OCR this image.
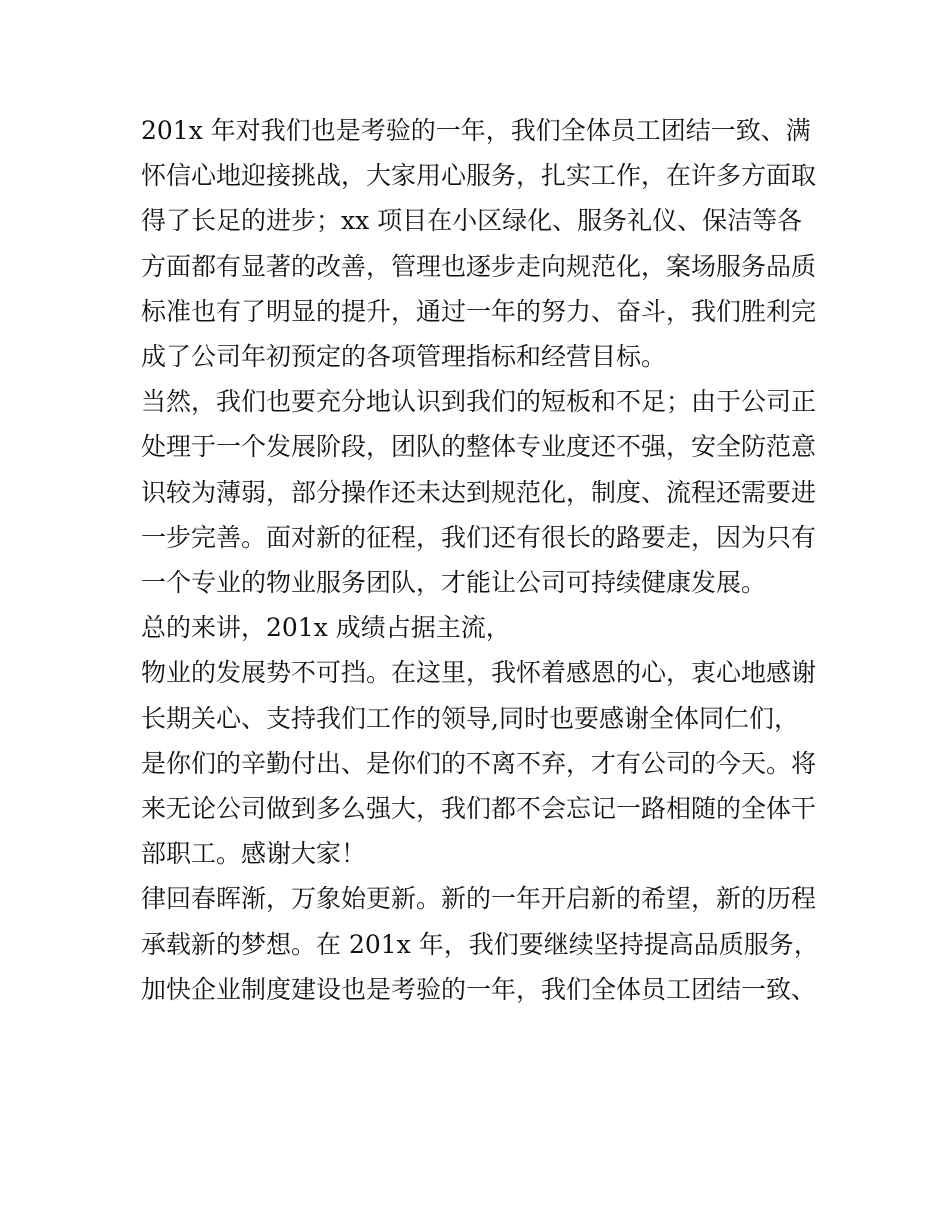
201x 年对我们也是考验的一年，我们全体员工团结一致、满

怀信心地迎接挑战，大家用心服务，扎实工作，在许多方面取

得了长足的进步；xx 项目在小区绿化、服务礼仪、保洁等各

方面都有显著的改善，管理也逐步走向规范化，案场服务品质

标准也有了明显的提升，通过一年的努力、奋斗，我们胜利完

成了公司年初预定的各项管理指标和经营目标。

当然，我们也要充分地认识到我们的短板和不足；由于公司正

处理于一个发展阶段，团队的整体专业度还不强，安全防范意

识较为薄弱，部分操作还未达到规范化，制度、流程还需要进

一步完善。面对新的征程，我们还有很长的路要走，因为只有

一个专业的物业服务团队，才能让公司可持续健康发展。

总的来讲，201x 成绩占据主流，

物业的发展势不可挡。在这里，我怀着感恩的心，衷心地感谢

长期关心、支持我们工作的领导,同时也要感谢全体同仁们，

是你们的辛勤付出、是你们的不离不弃，才有公司的今天。将

来无论公司做到多么强大，我们都不会忘记一路相随的全体干

部职工。感谢大家！

律回春晖渐，万象始更新。新的一年开启新的希望，新的历程

承载新的梦想。在 201x 年，我们要继续坚持提高品质服务，

加快企业制度建设也是考验的一年，我们全体员工团结一致、
